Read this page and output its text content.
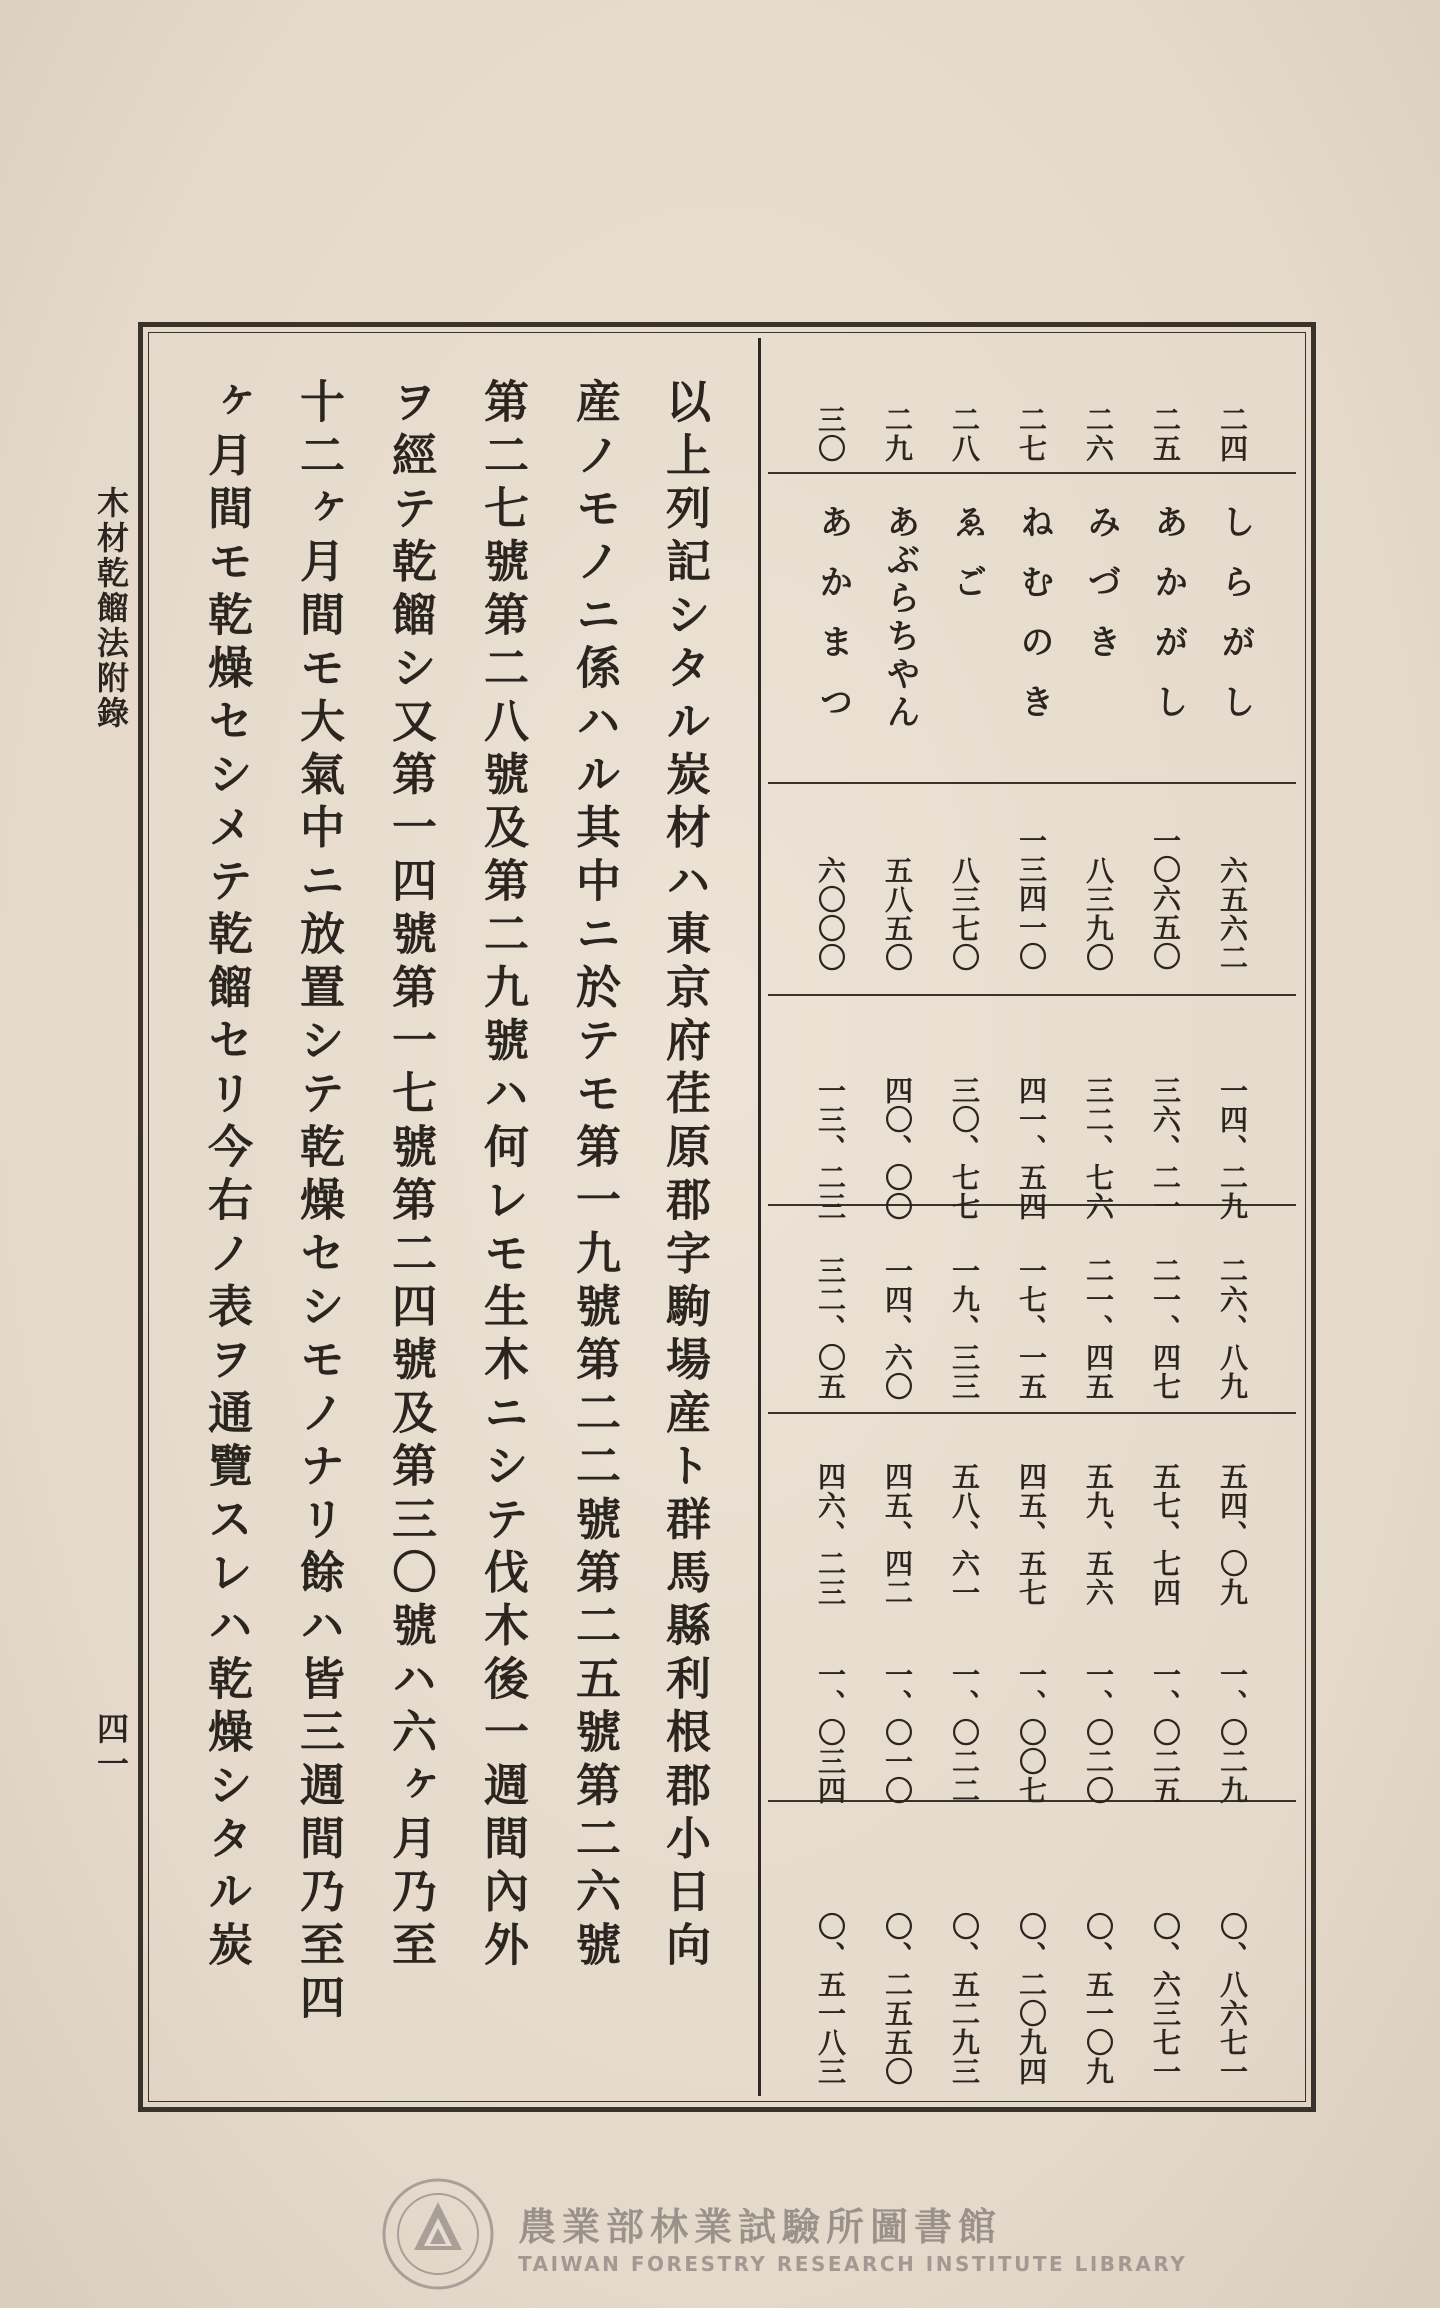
木材乾餾法附錄
四一	以上列記シタル炭材ハ東京府荏原郡字駒場産ト群馬縣利根郡小日向
産ノモノニ係ハル其中ニ於テモ第一九號第二二號第二五號第二六號
第二七號第二八號及第二九號ハ何レモ生木ニシテ伐木後一週間內外
ヲ經テ乾餾シ又第一四號第一七號第二四號及第三〇號ハ六ヶ月乃至
十二ヶ月間モ大氣中ニ放置シテ乾燥セシモノナリ餘ハ皆三週間乃至四
ヶ月間モ乾燥セシメテ乾餾セリ今右ノ表ヲ通覽スレハ乾燥シタル炭	二四
しらがし
六五六二
一四、二九
二六、八九
五四、〇九
一、〇二九
〇、八六七一
二五
あかがし
一〇六五〇
三六、二一
二一、四七
五七、七四
一、〇二五
〇、六三七一
二六
みづき
八三九〇
三二、七六
二一、四五
五九、五六
一、〇二〇
〇、五一〇九
二七
ねむのき
一三四一〇
四一、五四
一七、一五
四五、五七
一、〇〇七
〇、二〇九四
二八
ゑご
八三七〇
三〇、七七
一九、三三
五八、六一
一、〇二二
〇、五二九三
二九
あぶらちやん
五八五〇
四〇、〇〇
一四、六〇
四五、四二
一、〇一〇
〇、二五五〇
三〇
あかまつ
六〇〇〇
一三、二三
三二、〇五
四六、二三
一、〇三四
〇、五一八三
農業部林業試驗所圖書館
TAIWAN FORESTRY RESEARCH INSTITUTE LIBRARY
